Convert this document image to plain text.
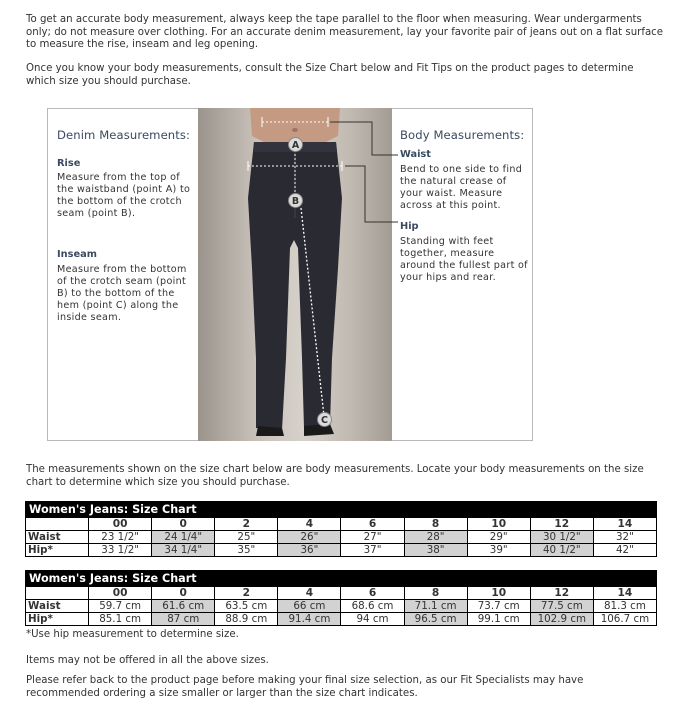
To get an accurate body measurement, always keep the tape parallel to the floor when measuring. Wear undergarments only; do not measure over clothing. For an accurate denim measurement, lay your favorite pair of jeans out on a flat surface to measure the rise, inseam and leg opening.

Once you know your body measurements, consult the Size Chart below and Fit Tips on the product pages to determine which size you should purchase.

Denim Measurements:
Rise

Measure from the top of the waistband (point A) to the bottom of the crotch seam (point B).

Inseam

Measure from the bottom of the crotch seam (point B) to the bottom of the hem (point C) along the inside seam.

Body Measurements:
Waist

Bend to one side to find the natural crease of your waist. Measure across at this point.

Hip

Standing with feet together, measure around the fullest part of your hips and rear.

A
B
C

The measurements shown on the size chart below are body measurements. Locate your body measurements on the size chart to determine which size you should purchase.

Women's Jeans: Size Chart									
	00	0	2	4	6	8	10	12	14
Waist	23 1/2"	24 1/4"	25"	26"	27"	28"	29"	30 1/2"	32"
Hip*	33 1/2"	34 1/4"	35"	36"	37"	38"	39"	40 1/2"	42"
Women's Jeans: Size Chart									
	00	0	2	4	6	8	10	12	14
Waist	59.7 cm	61.6 cm	63.5 cm	66 cm	68.6 cm	71.1 cm	73.7 cm	77.5 cm	81.3 cm
Hip*	85.1 cm	87 cm	88.9 cm	91.4 cm	94 cm	96.5 cm	99.1 cm	102.9 cm	106.7 cm

*Use hip measurement to determine size.

Items may not be offered in all the above sizes.

Please refer back to the product page before making your final size selection, as our Fit Specialists may have recommended ordering a size smaller or larger than the size chart indicates.
